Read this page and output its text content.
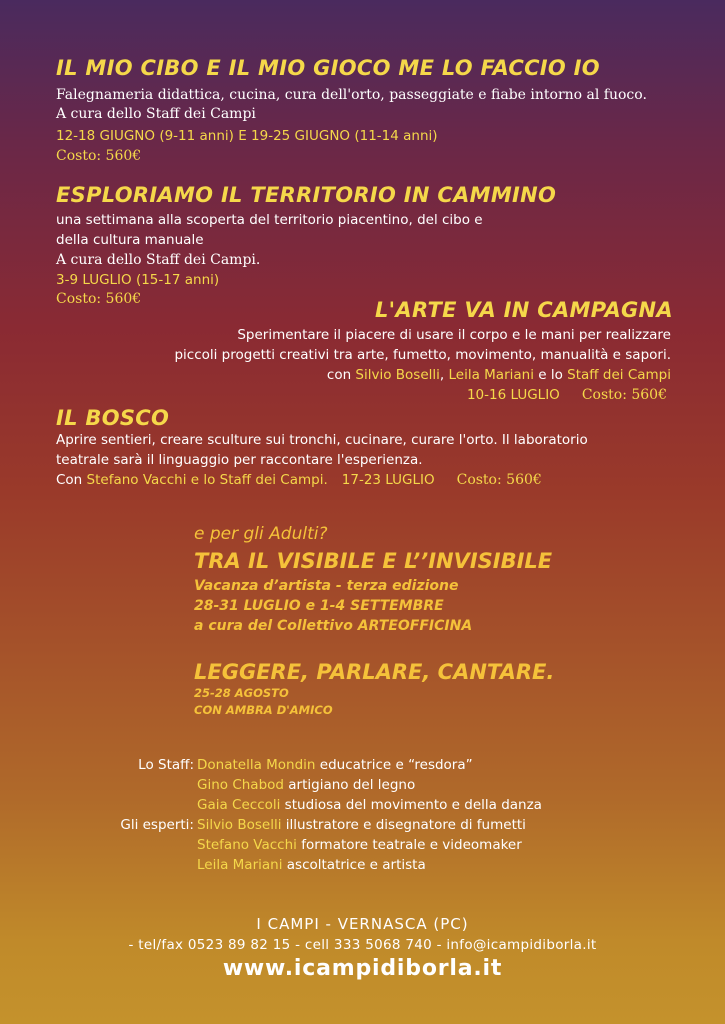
IL MIO CIBO E IL MIO GIOCO ME LO FACCIO IO
Falegnameria didattica, cucina, cura dell'orto, passeggiate e fiabe intorno al fuoco.
A cura dello Staff dei Campi
12-18 GIUGNO (9-11 anni) E 19-25 GIUGNO (11-14 anni)
Costo: 560€
ESPLORIAMO IL TERRITORIO IN CAMMINO
una settimana alla scoperta del territorio piacentino, del cibo e
della cultura manuale
A cura dello Staff dei Campi.
3-9 LUGLIO (15-17 anni)
Costo: 560€	L'ARTE VA IN CAMPAGNA
Sperimentare il piacere di usare il corpo e le mani per realizzare
piccoli progetti creativi tra arte, fumetto, movimento, manualità e sapori.
con Silvio Boselli, Leila Mariani e lo Staff dei Campi
10-16 LUGLIO Costo: 560€
IL BOSCO
Aprire sentieri, creare sculture sui tronchi, cucinare, curare l'orto. Il laboratorio
teatrale sarà il linguaggio per raccontare l'esperienza.
Con Stefano Vacchi e lo Staff dei Campi. 17-23 LUGLIO Costo: 560€
e per gli Adulti?
TRA IL VISIBILE E L’’INVISIBILE
Vacanza d’artista - terza edizione
28-31 LUGLIO e 1-4 SETTEMBRE
a cura del Collettivo ARTEOFFICINA
LEGGERE, PARLARE, CANTARE.
25-28 AGOSTO
CON AMBRA D'AMICO
Lo Staff:
Gli esperti:
Donatella Mondin educatrice e “resdora”
Gino Chabod artigiano del legno
Gaia Ceccoli studiosa del movimento e della danza
Silvio Boselli illustratore e disegnatore di fumetti
Stefano Vacchi formatore teatrale e videomaker
Leila Mariani ascoltatrice e artista
I CAMPI - VERNASCA (PC)
- tel/fax 0523 89 82 15 - cell 333 5068 740 - info@icampidiborla.it
www.icampidiborla.it
